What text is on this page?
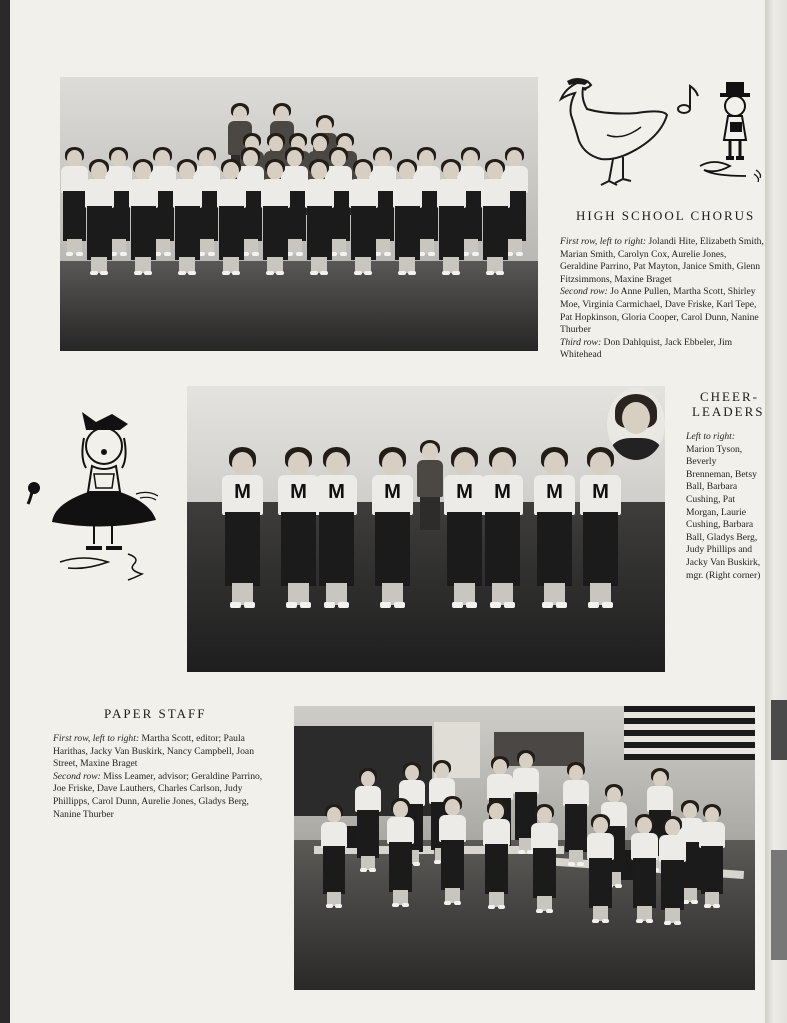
HIGH SCHOOL CHORUS

First row, left to right: Jolandi Hite, Elizabeth Smith, Marian Smith, Carolyn Cox, Aurelie Jones, Geraldine Parrino, Pat Mayton, Janice Smith, Glenn Fitzsimmons, Maxine Braget

Second row: Jo Anne Pullen, Martha Scott, Shirley Moe, Virginia Carmichael, Dave Friske, Karl Tepe, Pat Hopkinson, Gloria Cooper, Carol Dunn, Nanine Thurber

Third row: Don Dahlquist, Jack Ebbeler, Jim Whitehead

M	M	M	M	M	M	M	M
CHEER-
LEADERS

Left to right:

Marion Tyson, Beverly Brenneman, Betsy Ball, Barbara Cushing, Pat Morgan, Laurie Cushing, Barbara Ball, Gladys Berg, Judy Phillips and Jacky Van Buskirk, mgr. (Right corner)

PAPER STAFF

First row, left to right: Martha Scott, editor; Paula Harithas, Jacky Van Buskirk, Nancy Campbell, Joan Street, Maxine Braget

Second row: Miss Leamer, advisor; Geraldine Parrino, Joe Friske, Dave Lauthers, Charles Carlson, Judy Phillipps, Carol Dunn, Aurelie Jones, Gladys Berg, Nanine Thurber
